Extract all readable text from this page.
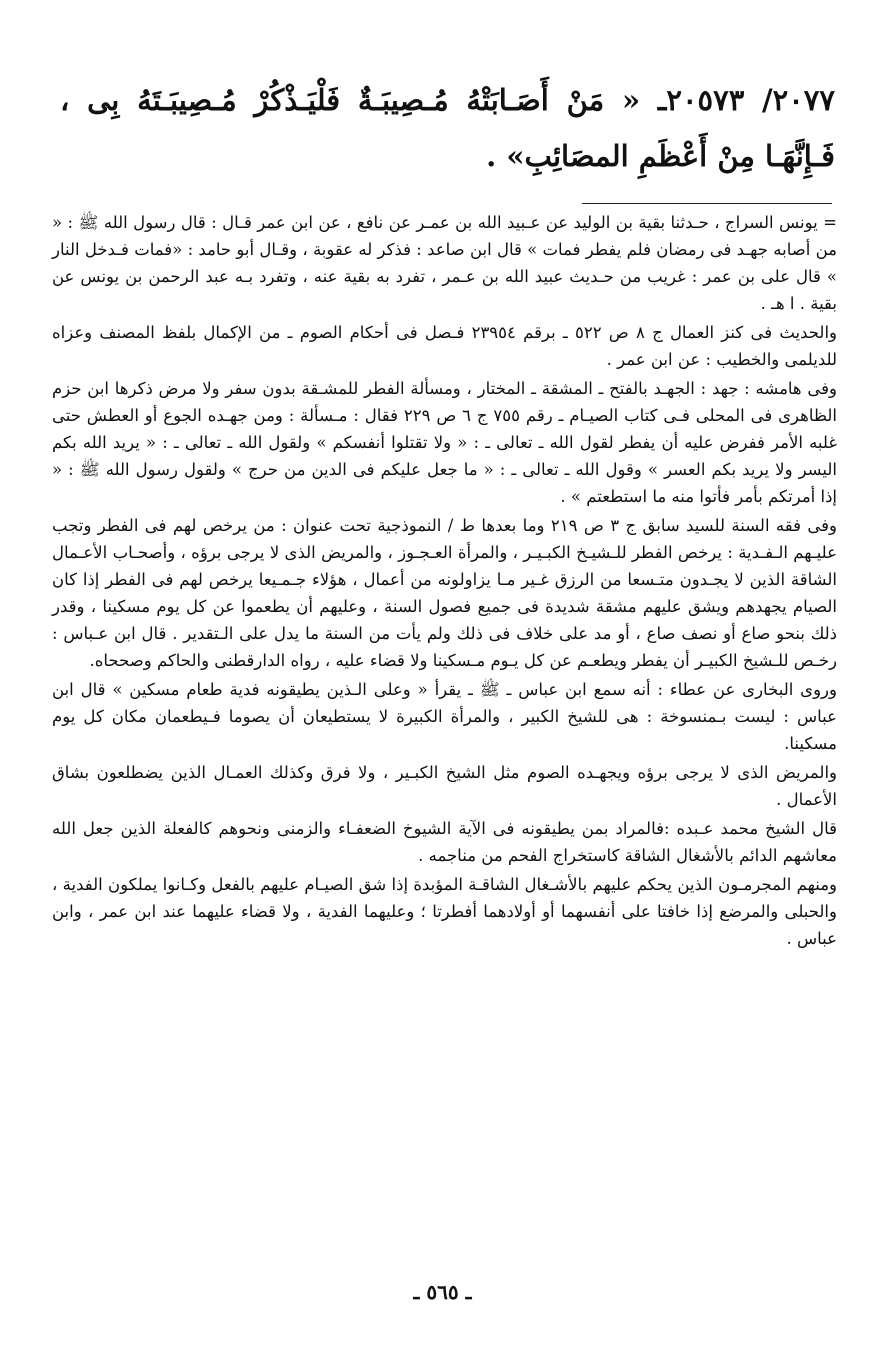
٢٠٧٧/ ٢٠٥٧٣ـ « مَنْ أَصَـابَتْهُ مُـصِيبَـةٌ فَلْيَـذْكُرْ مُـصِيبَـتَهُ بِى ، فَـإِنَّهَـا مِنْ أَعْظَمِ المصَائِبِ» .

= يونس السراج ، حـدثنا بقية بن الوليد عن عـبيد الله بن عمـر عن نافع ، عن ابن عمر قـال : قال رسول الله ﷺ : « من أصابه جهـد فى رمضان فلم يفطر فمات » قال ابن صاعد : فذكر له عقوبة ، وقـال أبو حامد : «فمات فـدخل النار » قال على بن عمر : غريب من حـديث عبيد الله بن عـمر ، تفرد به بقية عنه ، وتفرد بـه عبد الرحمن بن يونس عن بقية . ا هـ .

والحديث فى كنز العمال ج ٨ ص ٥٢٢ ـ برقم ٢٣٩٥٤ فـصل فى أحكام الصوم ـ من الإكمال بلفظ المصنف وعزاه للديلمى والخطيب : عن ابن عمر .

وفى هامشه : جهد : الجهـد بالفتح ـ المشقة ـ المختار ، ومسألة الفطر للمشـقة بدون سفر ولا مرض ذكرها ابن حزم الظاهرى فى المحلى فـى كتاب الصيـام ـ رقم ٧٥٥ ج ٦ ص ٢٢٩ فقال : مـسألة : ومن جهـده الجوع أو العطش حتى غلبه الأمر ففرض عليه أن يفطر لقول الله ـ تعالى ـ : « ولا تقتلوا أنفسكم » ولقول الله ـ تعالى ـ : « يريد الله بكم اليسر ولا يريد بكم العسر » وقول الله ـ تعالى ـ : « ما جعل عليكم فى الدين من حرج » ولقول رسول الله ﷺ : « إذا أمرتكم بأمر فأتوا منه ما استطعتم » .

وفى فقه السنة للسيد سابق ج ٣ ص ٢١٩ وما بعدها ط / النموذجية تحت عنوان : من يرخص لهم فى الفطر وتجب عليـهم الـفـدية : يرخص الفطر للـشيـخ الكبـيـر ، والمرأة العـجـوز ، والمريض الذى لا يرجى برؤه ، وأصحـاب الأعـمال الشاقة الذين لا يجـدون متـسعا من الرزق غـير مـا يزاولونه من أعمال ، هؤلاء جـمـيعا يرخص لهم فى الفطر إذا كان الصيام يجهدهم ويشق عليهم مشقة شديدة فى جميع فصول السنة ، وعليهم أن يطعموا عن كل يوم مسكينا ، وقدر ذلك بنحو صاع أو نصف صاع ، أو مد على خلاف فى ذلك ولم يأت من السنة ما يدل على الـتقدير . قال ابن عـباس : رخـص للـشيخ الكبيـر أن يفطر ويطعـم عن كل يـوم مـسكينا ولا قضاء عليه ، رواه الدارقطنى والحاكم وصححاه.

وروى البخارى عن عطاء : أنه سمع ابن عباس ـ ﷺ ـ يقرأ « وعلى الـذين يطيقونه فدية طعام مسكين » قال ابن عباس : ليست بـمنسوخة : هى للشيخ الكبير ، والمرأة الكبيرة لا يستطيعان أن يصوما فـيطعمان مكان كل يوم مسكينا.

والمريض الذى لا يرجى برؤه ويجهـده الصوم مثل الشيخ الكبـير ، ولا فرق وكذلك العمـال الذين يضطلعون بشاق الأعمال .

قال الشيخ محمد عـبده :فالمراد بمن يطيقونه فى الآية الشيوخ الضعفـاء والزمنى ونحوهم كالفعلة الذين جعل الله معاشهم الدائم بالأشغال الشاقة كاستخراج الفحم من مناجمه .

ومنهم المجرمـون الذين يحكم عليهم بالأشـغال الشاقـة المؤبدة إذا شق الصيـام عليهم بالفعل وكـانوا يملكون الفدية ، والحبلى والمرضع إذا خافتا على أنفسهما أو أولادهما أفطرتا ؛ وعليهما الفدية ، ولا قضاء عليهما عند ابن عمر ، وابن عباس .

ـ ٥٦٥ ـ
